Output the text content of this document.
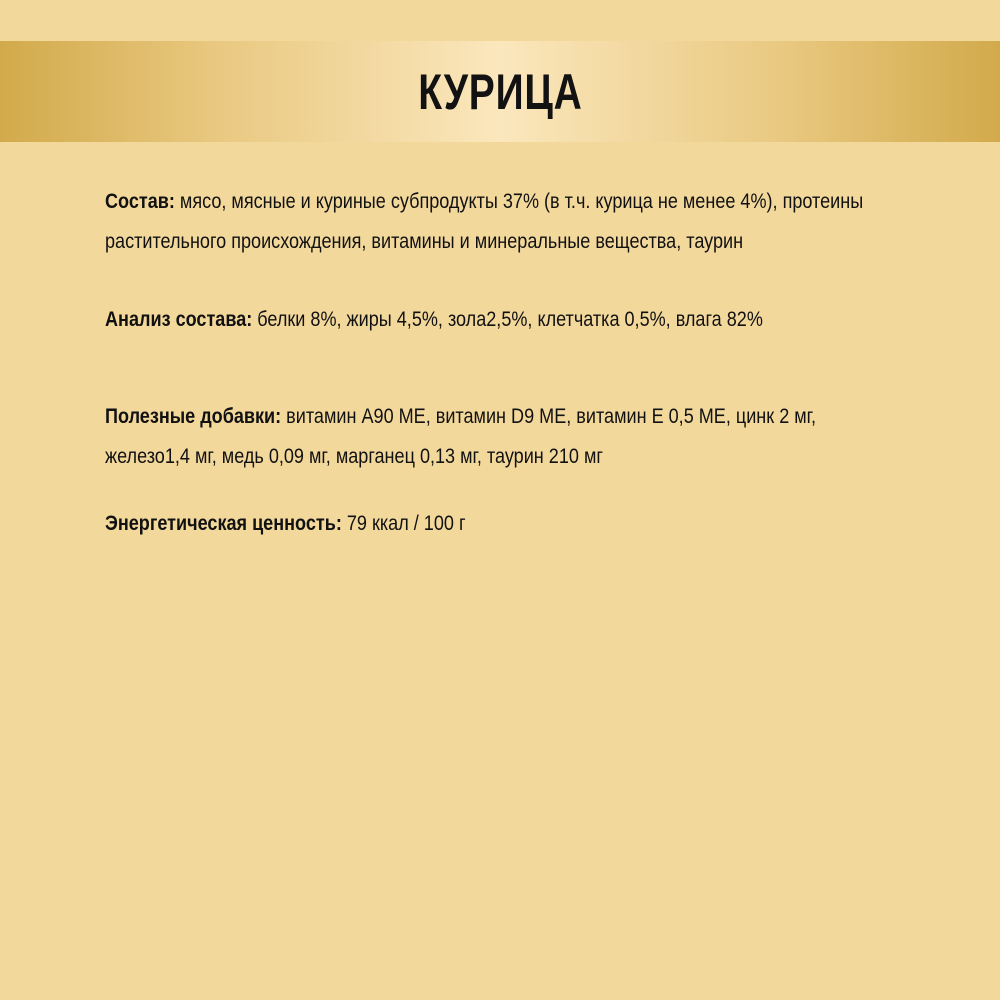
КУРИЦА

Состав: мясо, мясные и куриные субпродукты 37% (в т.ч. курица не менее 4%), протеины
растительного происхождения, витамины и минеральные вещества, таурин

Анализ состава: белки 8%, жиры 4,5%, зола2,5%, клетчатка 0,5%, влага 82%

Полезные добавки: витамин А90 МЕ, витамин D9 МЕ, витамин Е 0,5 МЕ, цинк 2 мг,
железо1,4 мг, медь 0,09 мг, марганец 0,13 мг, таурин 210 мг

Энергетическая ценность: 79 ккал / 100 г
